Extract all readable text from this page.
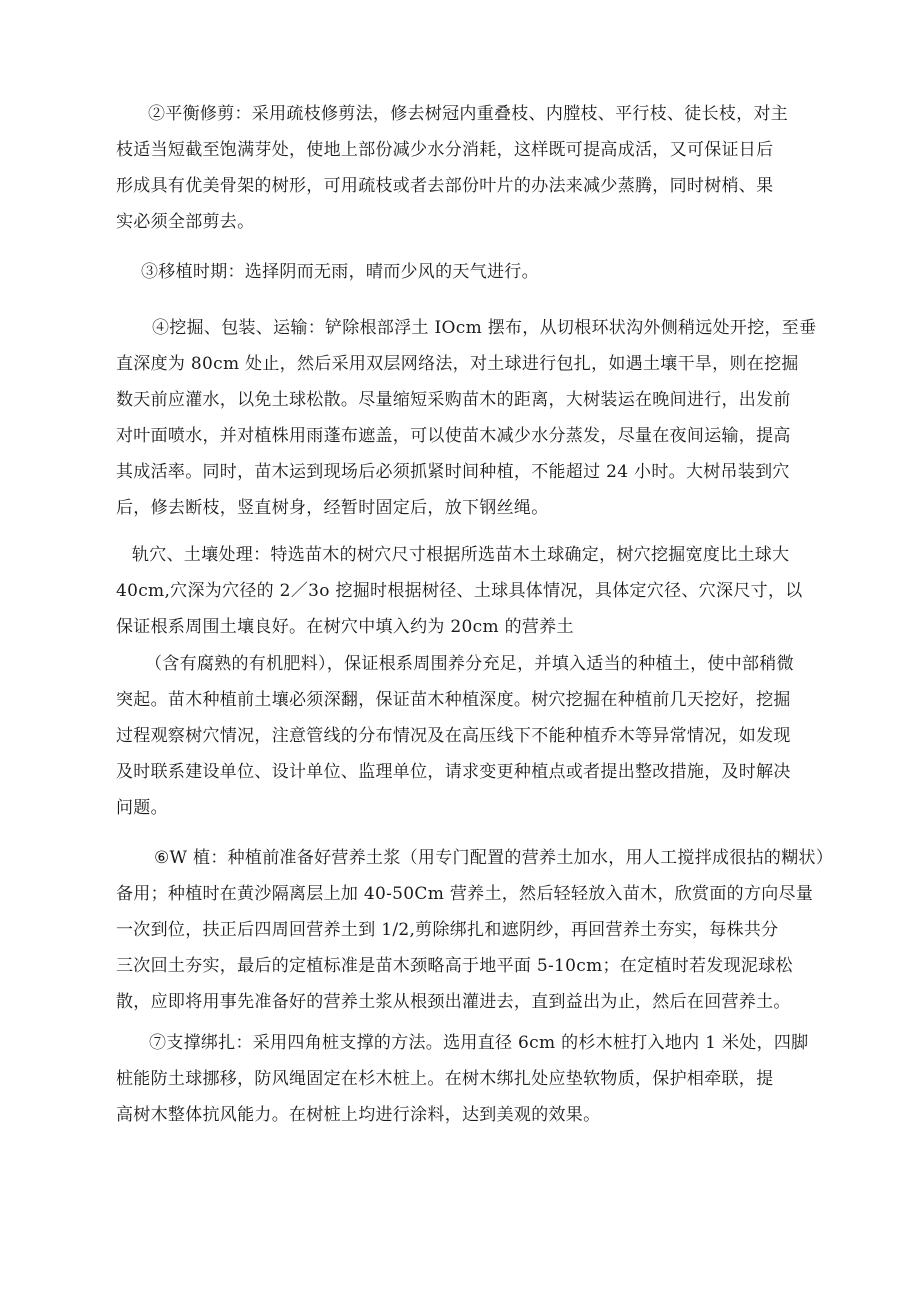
②平衡修剪：采用疏枝修剪法，修去树冠内重叠枝、内膛枝、平行枝、徒长枝，对主
枝适当短截至饱满芽处，使地上部份减少水分消耗，这样既可提高成活，又可保证日后
形成具有优美骨架的树形，可用疏枝或者去部份叶片的办法来减少蒸腾，同时树梢、果
实必须全部剪去。

③移植时期：选择阴而无雨，晴而少风的天气进行。

④挖掘、包装、运输：铲除根部浮土 IOcm 摆布，从切根环状沟外侧稍远处开挖，至垂
直深度为 80cm 处止，然后采用双层网络法，对土球进行包扎，如遇土壤干旱，则在挖掘
数天前应灌水，以免土球松散。尽量缩短采购苗木的距离，大树装运在晚间进行，出发前
对叶面喷水，并对植株用雨蓬布遮盖，可以使苗木减少水分蒸发，尽量在夜间运输，提高
其成活率。同时，苗木运到现场后必须抓紧时间种植，不能超过 24 小时。大树吊装到穴
后，修去断枝，竖直树身，经暂时固定后，放下钢丝绳。

轨穴、土壤处理：特选苗木的树穴尺寸根据所选苗木土球确定，树穴挖掘宽度比土球大
40cm,穴深为穴径的 2／3o 挖掘时根据树径、土球具体情况，具体定穴径、穴深尺寸，以
保证根系周围土壤良好。在树穴中填入约为 20cm 的营养土

（含有腐熟的有机肥料），保证根系周围养分充足，并填入适当的种植土，使中部稍微
突起。苗木种植前土壤必须深翻，保证苗木种植深度。树穴挖掘在种植前几天挖好，挖掘
过程观察树穴情况，注意管线的分布情况及在高压线下不能种植乔木等异常情况，如发现
及时联系建设单位、设计单位、监理单位，请求变更种植点或者提出整改措施，及时解决
问题。

⑥W 植：种植前准备好营养土浆（用专门配置的营养土加水，用人工搅拌成很拈的糊状）
备用；种植时在黄沙隔离层上加 40-50Cm 营养土，然后轻轻放入苗木，欣赏面的方向尽量
一次到位，扶正后四周回营养土到 1/2,剪除绑扎和遮阴纱，再回营养土夯实，每株共分
三次回土夯实，最后的定植标准是苗木颈略高于地平面 5-10cm；在定植时若发现泥球松
散，应即将用事先准备好的营养土浆从根颈出灌进去，直到益出为止，然后在回营养土。

⑦支撑绑扎：采用四角桩支撑的方法。选用直径 6cm 的杉木桩打入地内 1 米处，四脚
桩能防土球挪移，防风绳固定在杉木桩上。在树木绑扎处应垫软物质，保护相牵联，提
高树木整体抗风能力。在树桩上均进行涂料，达到美观的效果。
